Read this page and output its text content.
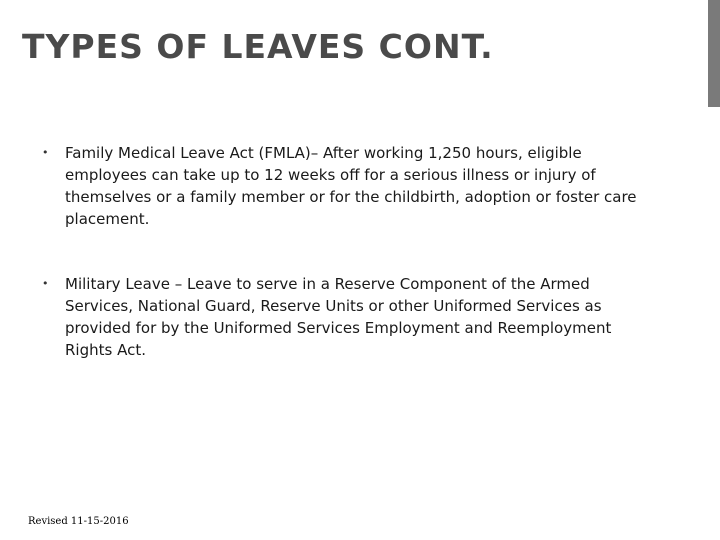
TYPES OF LEAVES CONT.
• Family Medical Leave Act (FMLA)– After working 1,250 hours, eligible employees can take up to 12 weeks off for a serious illness or injury of themselves or a family member or for the childbirth, adoption or foster care placement.
• Military Leave – Leave to serve in a Reserve Component of the Armed Services, National Guard, Reserve Units or other Uniformed Services as provided for by the Uniformed Services Employment and Reemployment Rights Act.
Revised 11-15-2016
